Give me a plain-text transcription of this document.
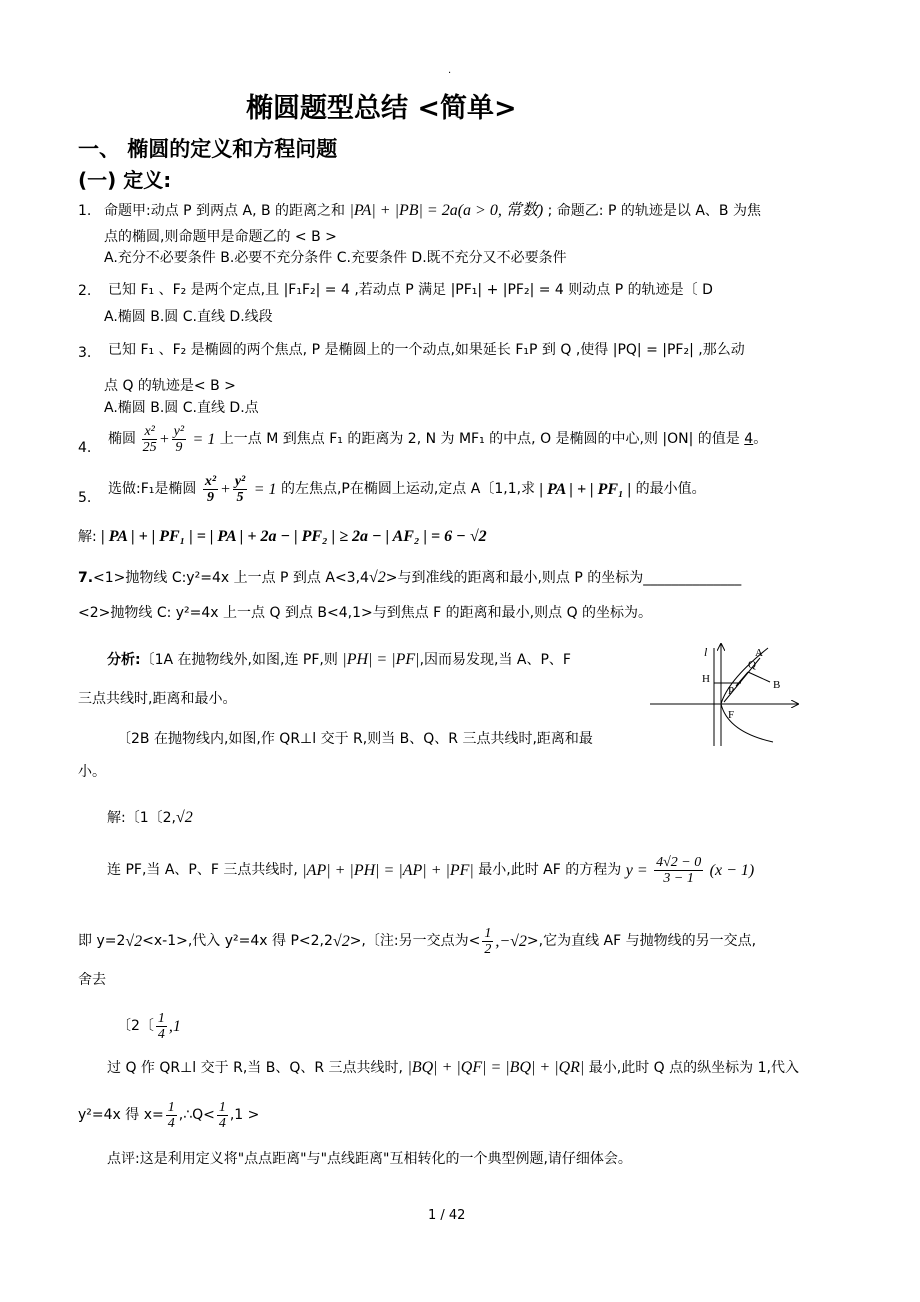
·
椭圆题型总结 <简单>
一、 椭圆的定义和方程问题
(一) 定义:
1. 命题甲:动点 P 到两点 A, B 的距离之和 |PA| + |PB| = 2a(a > 0, 常数) ; 命题乙: P 的轨迹是以 A、B 为焦
点的椭圆,则命题甲是命题乙的 < B >
A.充分不必要条件 B.必要不充分条件 C.充要条件 D.既不充分又不必要条件
2. 已知 F₁ 、F₂ 是两个定点,且 |F₁F₂| = 4 ,若动点 P 满足 |PF₁| + |PF₂| = 4 则动点 P 的轨迹是〔 D
A.椭圆 B.圆 C.直线 D.线段
3. 已知 F₁ 、F₂ 是椭圆的两个焦点, P 是椭圆上的一个动点,如果延长 F₁P 到 Q ,使得 |PQ| = |PF₂| ,那么动
点 Q 的轨迹是< B >
A.椭圆 B.圆 C.直线 D.点
4.
椭圆 $\frac{\text{x²}}{25} + \frac{\text{y²}}{9} = 1$ 上一点 M 到焦点 F₁ 的距离为 2, N 为 MF₁ 的中点, O 是椭圆的中心,则 |ON| 的值是 4。
5.
选做:F₁是椭圆 $\frac{\text{x²}}{9} + \frac{\text{y²}}{5} = 1$ 的左焦点,P在椭圆上运动,定点 A〔1,1,求 | PA | + | PF₁ | 的最小值。
解: | PA | + | PF₁ | = | PA | + 2a − | PF₂ | ≥ 2a − | AF₂ | = 6 − √2
7. <1>抛物线 C:y²=4x 上一点 P 到点 A<3,4√2>与到准线的距离和最小,则点 P 的坐标为______________
<2>抛物线 C: y²=4x 上一点 Q 到点 B<4,1>与到焦点 F 的距离和最小,则点 Q 的坐标为。
分析:〔1A 在抛物线外,如图,连 PF,则 |PH| = |PF|,因而易发现,当 A、P、F
三点共线时,距离和最小。
〔2B 在抛物线内,如图,作 QR⊥l 交于 R,则当 B、Q、R 三点共线时,距离和最
小。
解:〔1〔2,√2
连 PF,当 A、P、F 三点共线时, |AP| + |PH| = |AP| + |PF| 最小,此时 AF 的方程为 $y = \frac{4√2 - 0}{3 - 1} (x - 1)$
即 y=2√2<x-1>,代入 y²=4x 得 P<2,2√2>,〔注:另一交点为< $\frac{1}{2} ,-√2>$,它为直线 AF 与抛物线的另一交点,
舍去
〔2〔 $\frac{1}{4} ,1$
过 Q 作 QR⊥l 交于 R,当 B、Q、R 三点共线时, |BQ| + |QF| = |BQ| + |QR| 最小,此时 Q 点的纵坐标为 1,代入
y²=4x 得 $x= \frac{1}{4}$ ,∴Q< $\frac{1}{4} ,1$ >
点评:这是利用定义将"点点距离"与"点线距离"互相转化的一个典型例题,请仔细体会。
l	A
Q
H
P	B
F
1 / 42
